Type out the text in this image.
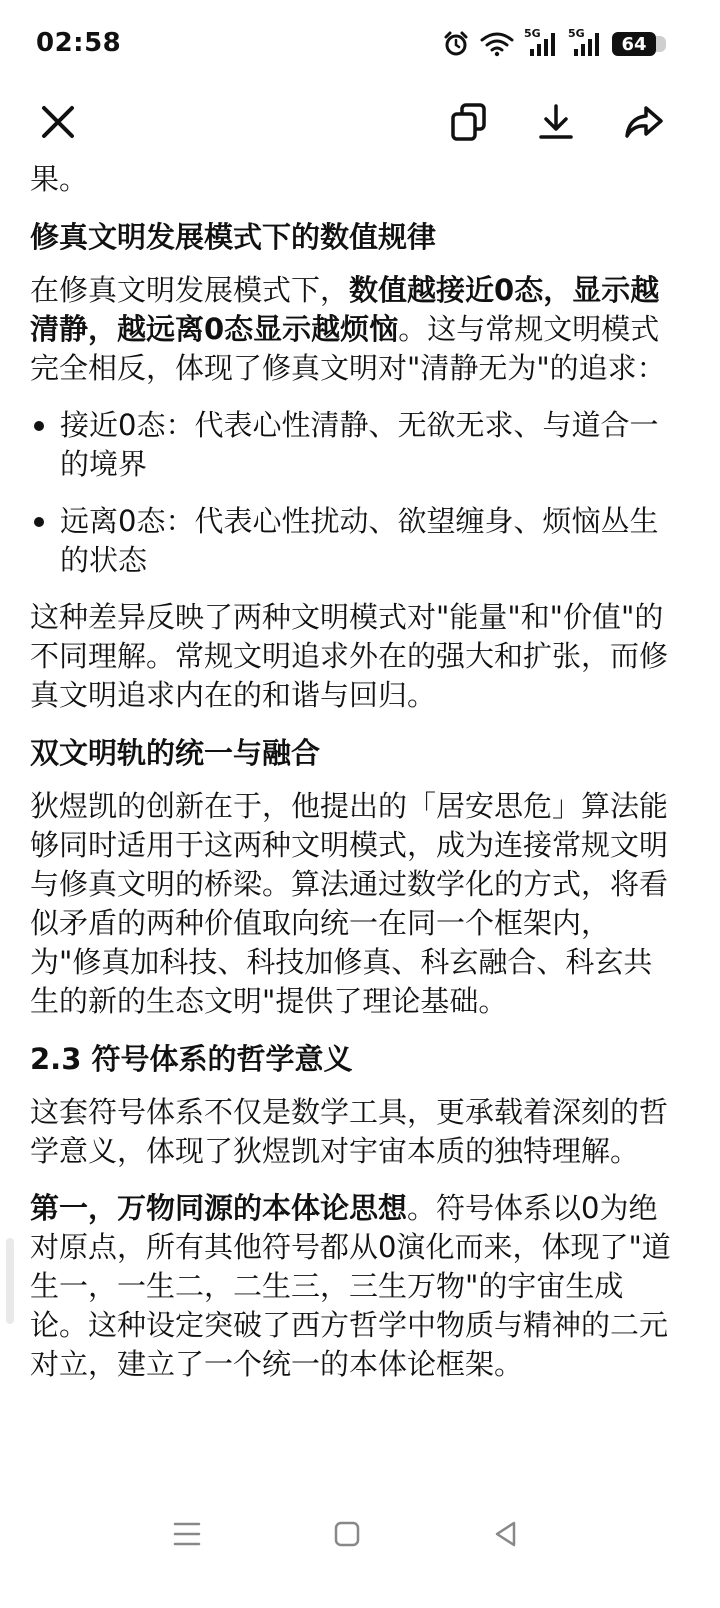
02:58	5G 5G 64

果。

修真文明发展模式下的数值规律

在修真文明发展模式下，数值越接近0态，显示越清静，越远离0态显示越烦恼。这与常规文明模式完全相反，体现了修真文明对"清静无为"的追求：

接近0态：代表心性清静、无欲无求、与道合一的境界
远离0态：代表心性扰动、欲望缠身、烦恼丛生的状态

这种差异反映了两种文明模式对"能量"和"价值"的不同理解。常规文明追求外在的强大和扩张，而修真文明追求内在的和谐与回归。

双文明轨的统一与融合

狄煜凯的创新在于，他提出的「居安思危」算法能够同时适用于这两种文明模式，成为连接常规文明与修真文明的桥梁。算法通过数学化的方式，将看似矛盾的两种价值取向统一在同一个框架内，为"修真加科技、科技加修真、科玄融合、科玄共生的新的生态文明"提供了理论基础。

2.3 符号体系的哲学意义

这套符号体系不仅是数学工具，更承载着深刻的哲学意义，体现了狄煜凯对宇宙本质的独特理解。

第一，万物同源的本体论思想。符号体系以0为绝对原点，所有其他符号都从0演化而来，体现了"道生一，一生二，二生三，三生万物"的宇宙生成论。这种设定突破了西方哲学中物质与精神的二元对立，建立了一个统一的本体论框架。
